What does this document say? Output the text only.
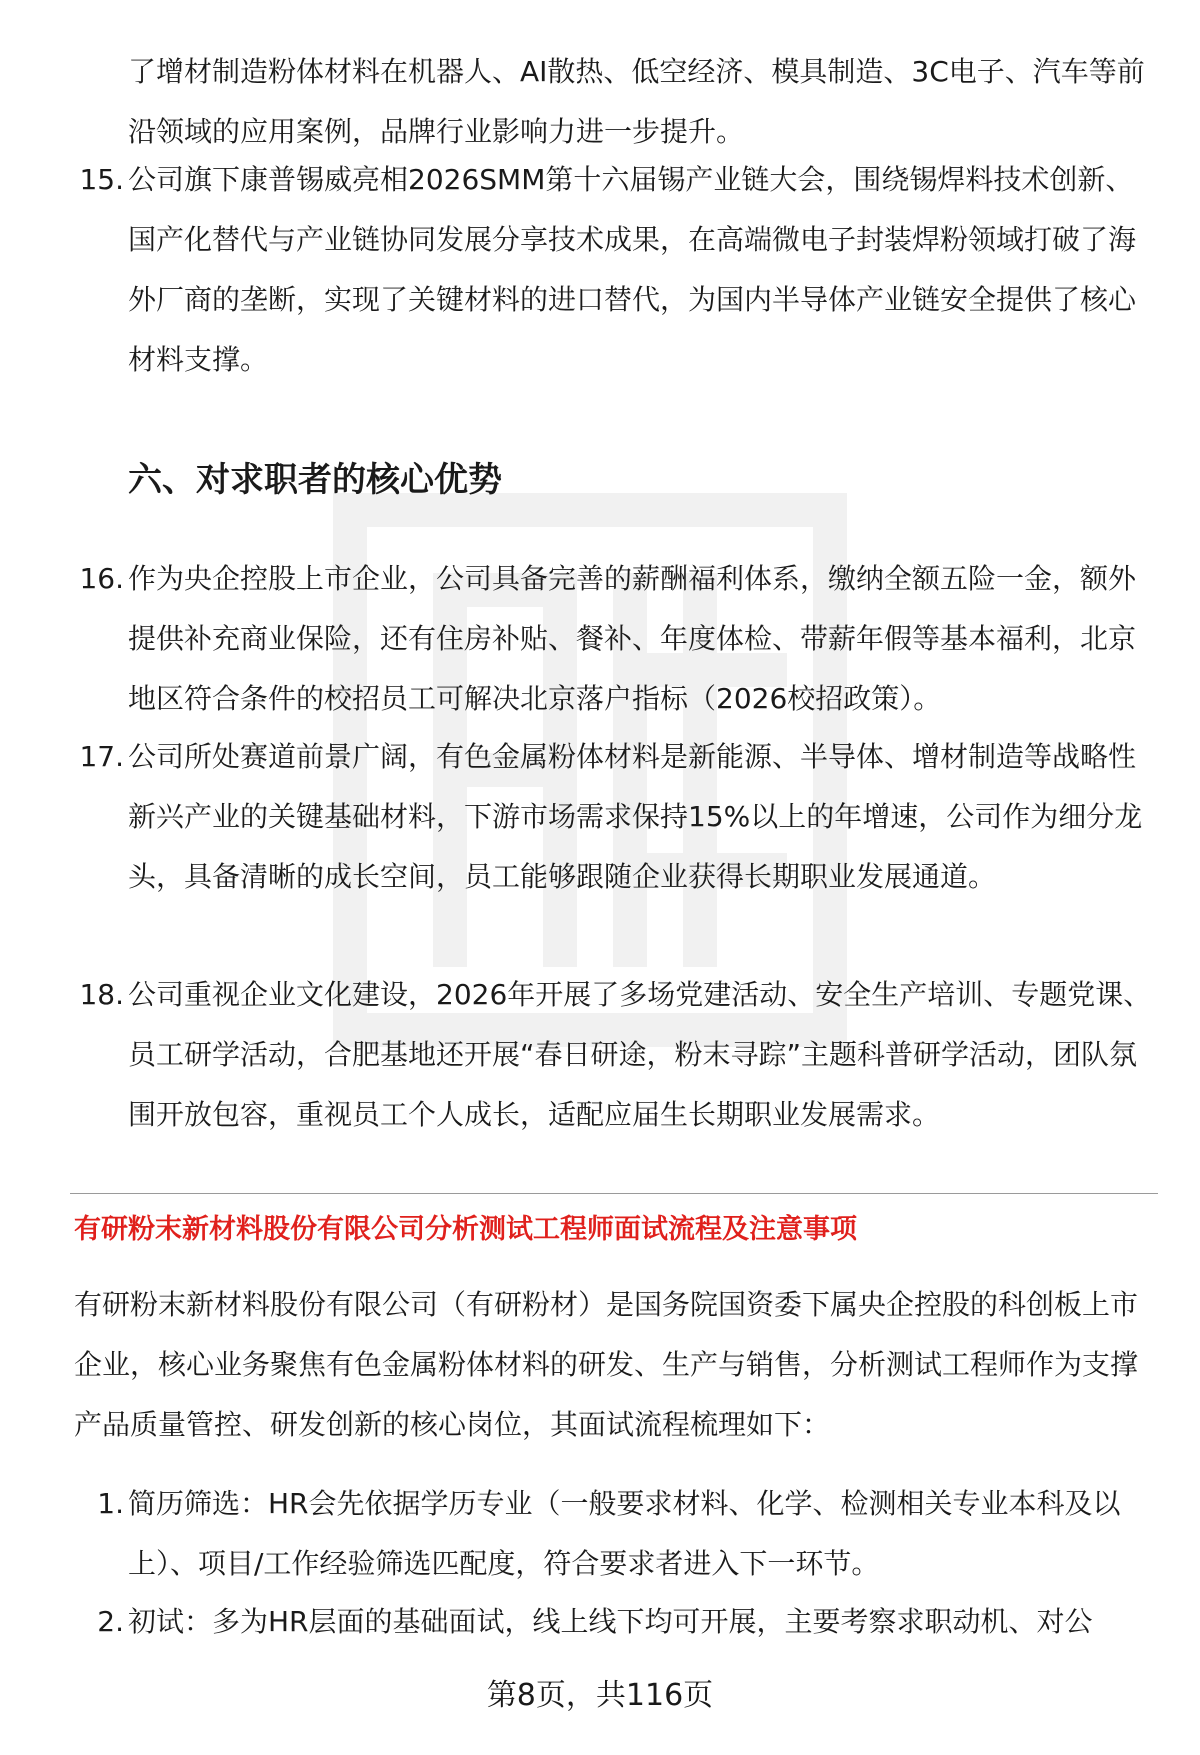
了增材制造粉体材料在机器人、AI散热、低空经济、模具制造、3C电子、汽车等前沿领域的应用案例，品牌行业影响力进一步提升。

15. 公司旗下康普锡威亮相2026SMM第十六届锡产业链大会，围绕锡焊料技术创新、国产化替代与产业链协同发展分享技术成果，在高端微电子封装焊粉领域打破了海外厂商的垄断，实现了关键材料的进口替代，为国内半导体产业链安全提供了核心材料支撑。

六、对求职者的核心优势
16. 作为央企控股上市企业，公司具备完善的薪酬福利体系，缴纳全额五险一金，额外提供补充商业保险，还有住房补贴、餐补、年度体检、带薪年假等基本福利，北京地区符合条件的校招员工可解决北京落户指标（2026校招政策）。

17. 公司所处赛道前景广阔，有色金属粉体材料是新能源、半导体、增材制造等战略性新兴产业的关键基础材料，下游市场需求保持15%以上的年增速，公司作为细分龙头，具备清晰的成长空间，员工能够跟随企业获得长期职业发展通道。

18. 公司重视企业文化建设，2026年开展了多场党建活动、安全生产培训、专题党课、员工研学活动，合肥基地还开展“春日研途，粉末寻踪”主题科普研学活动，团队氛围开放包容，重视员工个人成长，适配应届生长期职业发展需求。

有研粉末新材料股份有限公司分析测试工程师面试流程及注意事项

有研粉末新材料股份有限公司（有研粉材）是国务院国资委下属央企控股的科创板上市企业，核心业务聚焦有色金属粉体材料的研发、生产与销售，分析测试工程师作为支撑产品质量管控、研发创新的核心岗位，其面试流程梳理如下：

1. 简历筛选：HR会先依据学历专业（一般要求材料、化学、检测相关专业本科及以上）、项目/工作经验筛选匹配度，符合要求者进入下一环节。

2. 初试：多为HR层面的基础面试，线上线下均可开展，主要考察求职动机、对公

第8页，共116页
